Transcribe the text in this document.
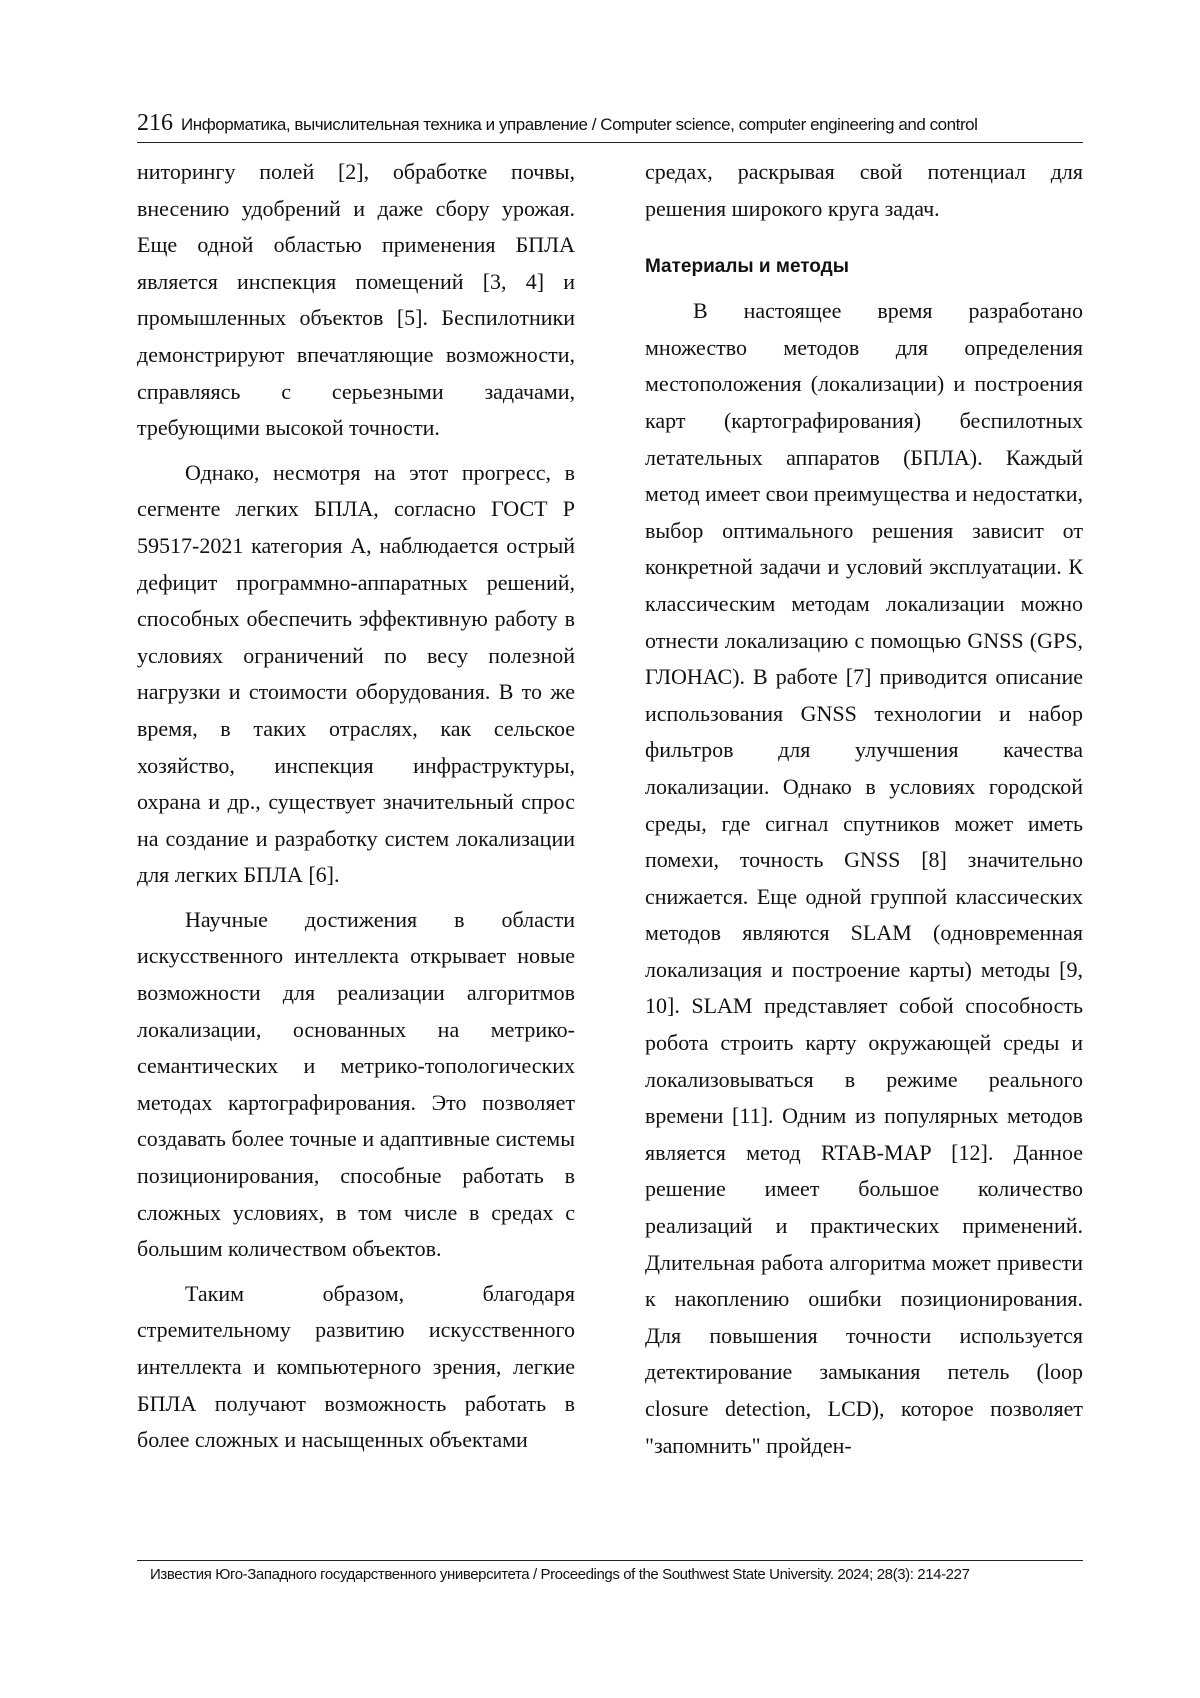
216 Информатика, вычислительная техника и управление / Computer science, computer engineering and control

ниторингу полей [2], обработке почвы, внесению удобрений и даже сбору урожая. Еще одной областью применения БПЛА является инспекция помещений [3, 4] и промышленных объектов [5]. Беспилотники демонстрируют впечатляющие возможности, справляясь с серьезными задачами, требующими высокой точности.

Однако, несмотря на этот прогресс, в сегменте легких БПЛА, согласно ГОСТ Р 59517-2021 категория А, наблюдается острый дефицит программно-аппаратных решений, способных обеспечить эффективную работу в условиях ограничений по весу полезной нагрузки и стоимости оборудования. В то же время, в таких отраслях, как сельское хозяйство, инспекция инфраструктуры, охрана и др., существует значительный спрос на создание и разработку систем локализации для легких БПЛА [6].

Научные достижения в области искусственного интеллекта открывает новые возможности для реализации алгоритмов локализации, основанных на метрико-семантических и метрико-топологических методах картографирования. Это позволяет создавать более точные и адаптивные системы позиционирования, способные работать в сложных условиях, в том числе в средах с большим количеством объектов.

Таким образом, благодаря стремительному развитию искусственного интеллекта и компьютерного зрения, легкие БПЛА получают возможность работать в более сложных и насыщенных объектами

средах, раскрывая свой потенциал для решения широкого круга задач.

Материалы и методы

В настоящее время разработано множество методов для определения местоположения (локализации) и построения карт (картографирования) беспилотных летательных аппаратов (БПЛА). Каждый метод имеет свои преимущества и недостатки, выбор оптимального решения зависит от конкретной задачи и условий эксплуатации. К классическим методам локализации можно отнести локализацию с помощью GNSS (GPS, ГЛОНАС). В работе [7] приводится описание использования GNSS технологии и набор фильтров для улучшения качества локализации. Однако в условиях городской среды, где сигнал спутников может иметь помехи, точность GNSS [8] значительно снижается. Еще одной группой классических методов являются SLAM (одновременная локализация и построение карты) методы [9, 10]. SLAM представляет собой способность робота строить карту окружающей среды и локализовываться в режиме реального времени [11]. Одним из популярных методов является метод RTAB-MAP [12]. Данное решение имеет большое количество реализаций и практических применений. Длительная работа алгоритма может привести к накоплению ошибки позиционирования. Для повышения точности используется детектирование замыкания петель (loop closure detection, LCD), которое позволяет "запомнить" пройден-

Известия Юго-Западного государственного университета / Proceedings of the Southwest State University. 2024; 28(3): 214-227
